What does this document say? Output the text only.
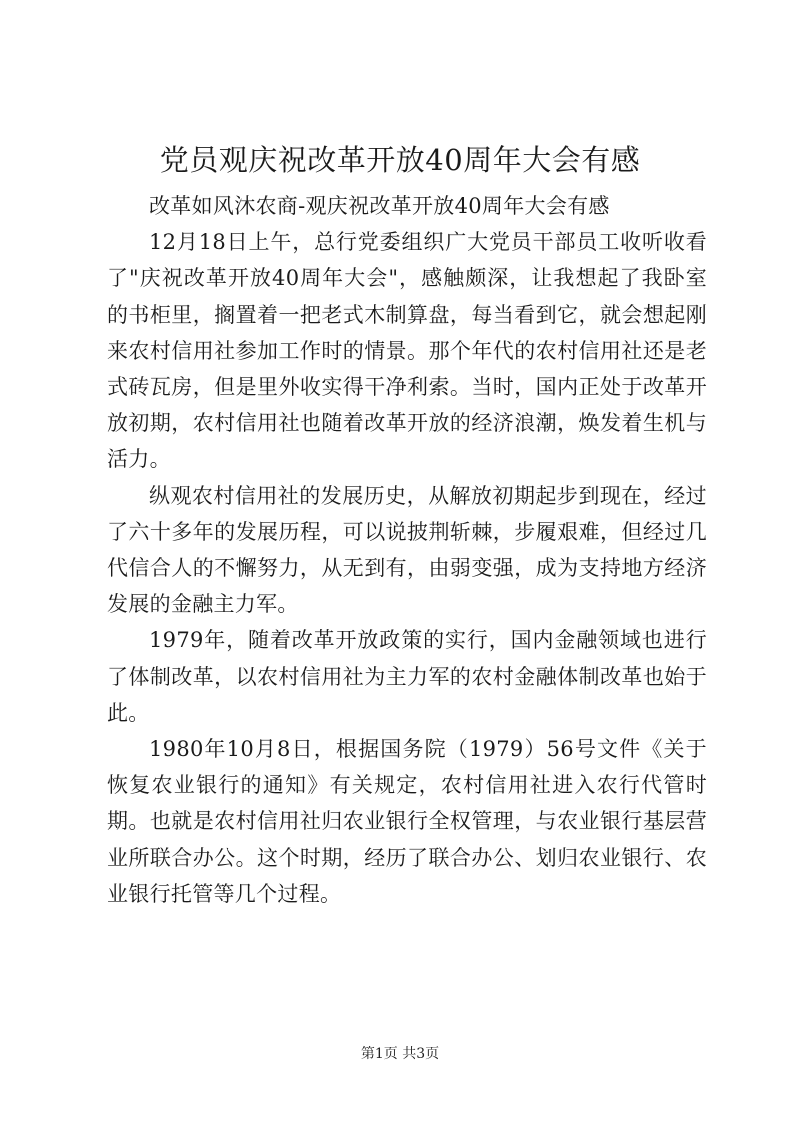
党员观庆祝改革开放40周年大会有感

改革如风沐农商-观庆祝改革开放40周年大会有感

12月18日上午，总行党委组织广大党员干部员工收听收看了"庆祝改革开放40周年大会"，感触颇深，让我想起了我卧室的书柜里，搁置着一把老式木制算盘，每当看到它，就会想起刚来农村信用社参加工作时的情景。那个年代的农村信用社还是老式砖瓦房，但是里外收实得干净利索。当时，国内正处于改革开放初期，农村信用社也随着改革开放的经济浪潮，焕发着生机与活力。

纵观农村信用社的发展历史，从解放初期起步到现在，经过了六十多年的发展历程，可以说披荆斩棘，步履艰难，但经过几代信合人的不懈努力，从无到有，由弱变强，成为支持地方经济发展的金融主力军。

1979年，随着改革开放政策的实行，国内金融领域也进行了体制改革，以农村信用社为主力军的农村金融体制改革也始于此。

1980年10月8日，根据国务院（1979）56号文件《关于恢复农业银行的通知》有关规定，农村信用社进入农行代管时期。也就是农村信用社归农业银行全权管理，与农业银行基层营业所联合办公。这个时期，经历了联合办公、划归农业银行、农业银行托管等几个过程。

第1页 共3页
